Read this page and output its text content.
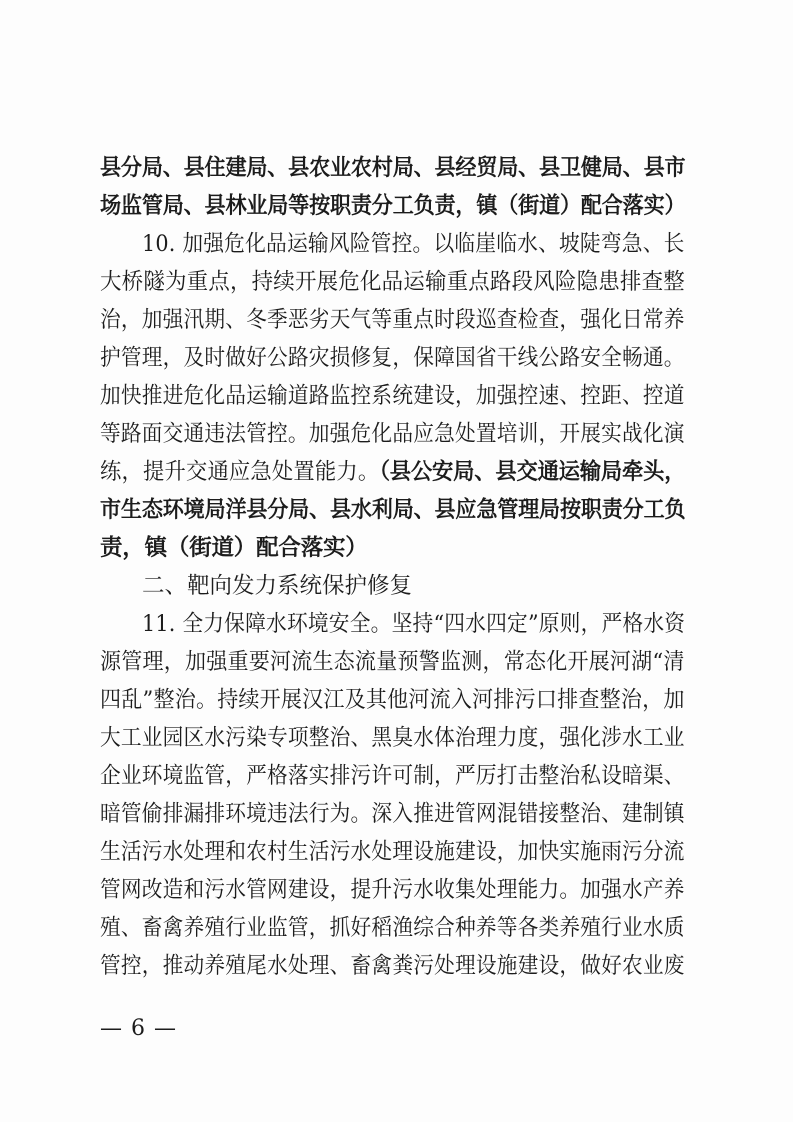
县分局、县住建局、县农业农村局、县经贸局、县卫健局、县市
场监管局、县林业局等按职责分工负责，镇（街道）配合落实）
10. 加强危化品运输风险管控。以临崖临水、坡陡弯急、长
大桥隧为重点，持续开展危化品运输重点路段风险隐患排查整
治，加强汛期、冬季恶劣天气等重点时段巡查检查，强化日常养
护管理，及时做好公路灾损修复，保障国省干线公路安全畅通。
加快推进危化品运输道路监控系统建设，加强控速、控距、控道
等路面交通违法管控。加强危化品应急处置培训，开展实战化演
练，提升交通应急处置能力。（县公安局、县交通运输局牵头，
市生态环境局洋县分局、县水利局、县应急管理局按职责分工负
责，镇（街道）配合落实）
二、靶向发力系统保护修复
11. 全力保障水环境安全。坚持“四水四定”原则，严格水资
源管理，加强重要河流生态流量预警监测，常态化开展河湖“清
四乱”整治。持续开展汉江及其他河流入河排污口排查整治，加
大工业园区水污染专项整治、黑臭水体治理力度，强化涉水工业
企业环境监管，严格落实排污许可制，严厉打击整治私设暗渠、
暗管偷排漏排环境违法行为。深入推进管网混错接整治、建制镇
生活污水处理和农村生活污水处理设施建设，加快实施雨污分流
管网改造和污水管网建设，提升污水收集处理能力。加强水产养
殖、畜禽养殖行业监管，抓好稻渔综合种养等各类养殖行业水质
管控，推动养殖尾水处理、畜禽粪污处理设施建设，做好农业废
— 6 —
